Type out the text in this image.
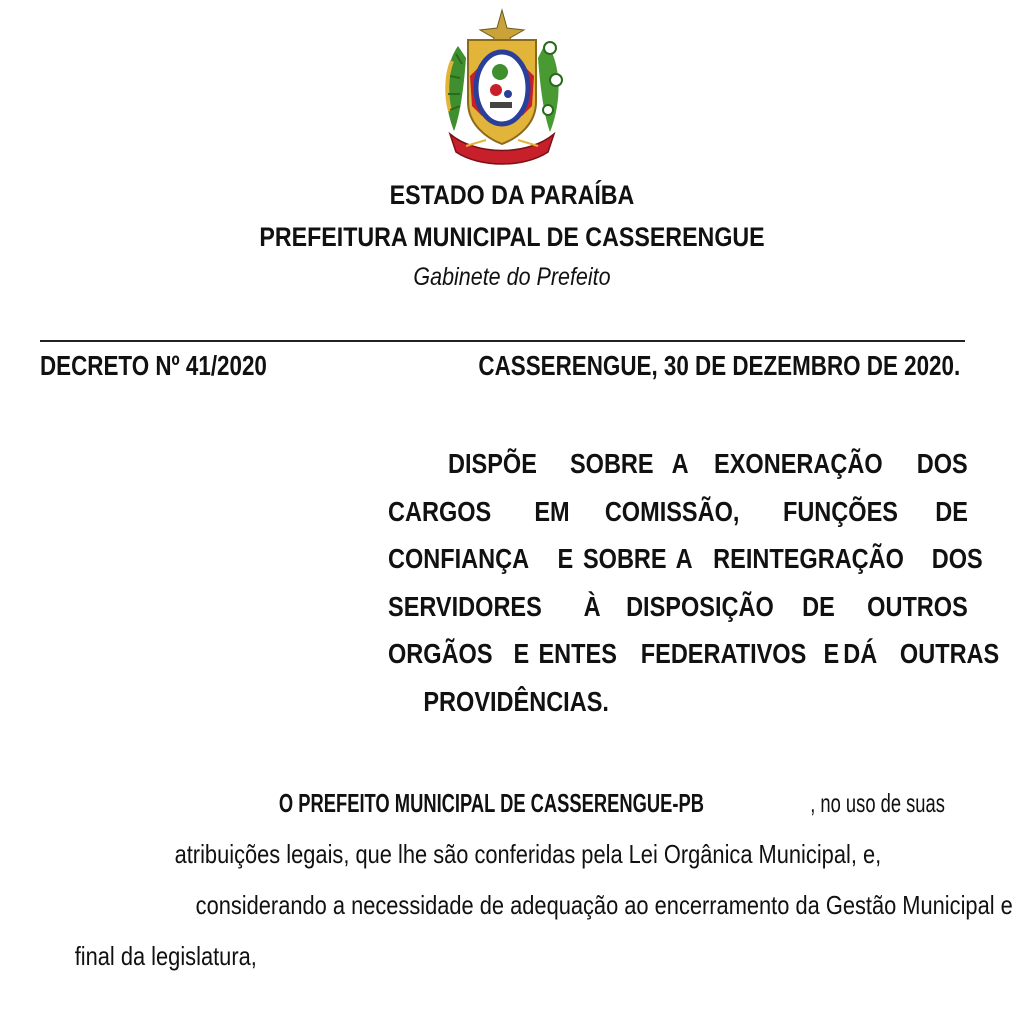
ESTADO DA PARAÍBA
PREFEITURA MUNICIPAL DE CASSERENGUE
Gabinete do Prefeito
DECRETO Nº 41/2020	CASSERENGUE, 30 DE DEZEMBRO DE 2020.
DISPÕE SOBRE A EXONERAÇÃO DOS
CARGOS EM COMISSÃO, FUNÇÕES DE
CONFIANÇA E SOBRE A REINTEGRAÇÃO DOS
SERVIDORES À DISPOSIÇÃO DE OUTROS
ORGÃOS E ENTES FEDERATIVOS E DÁ OUTRAS
PROVIDÊNCIAS.
O PREFEITO MUNICIPAL DE CASSERENGUE-PB	, no uso de suas
atribuições legais, que lhe são conferidas pela Lei Orgânica Municipal, e,
considerando a necessidade de adequação ao encerramento da Gestão Municipal e
final da legislatura,
